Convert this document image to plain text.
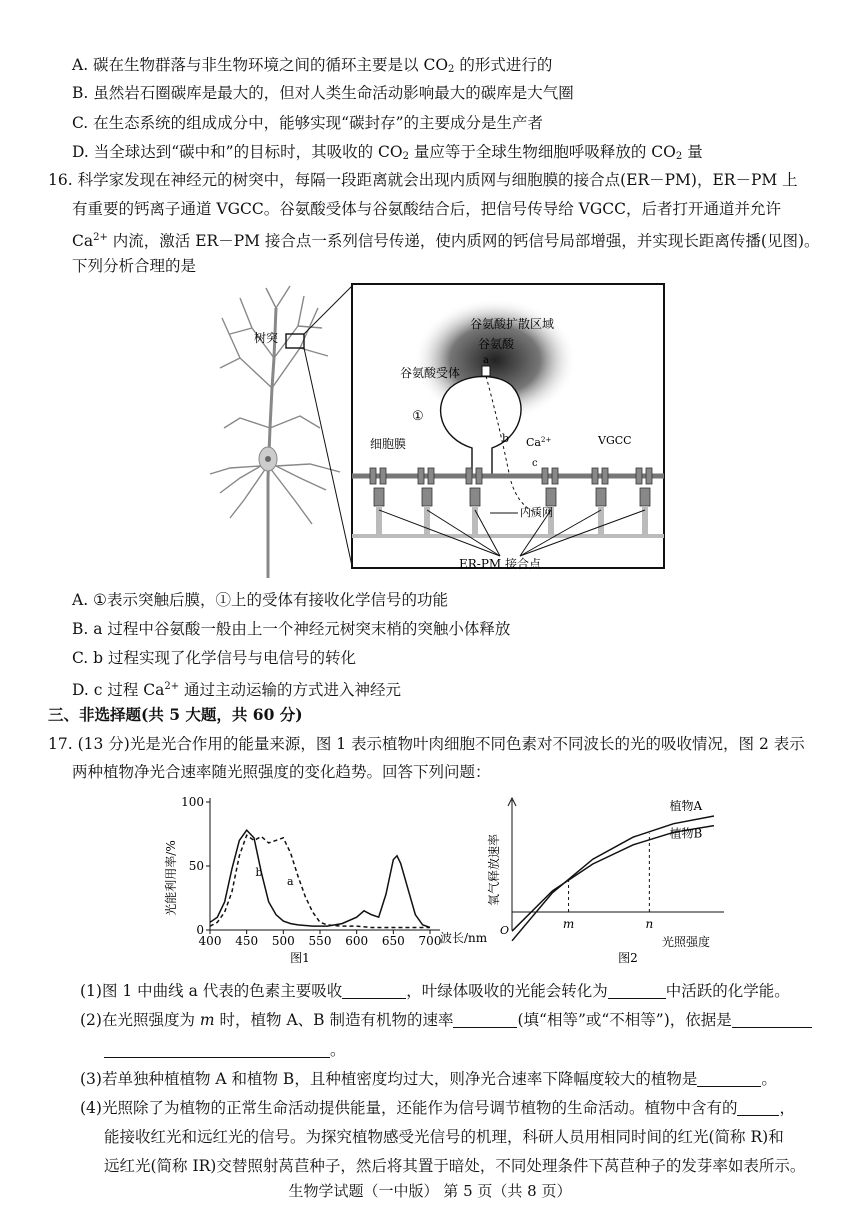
A. 碳在生物群落与非生物环境之间的循环主要是以 $CO_2$ 的形式进行的
B. 虽然岩石圈碳库是最大的，但对人类生命活动影响最大的碳库是大气圈
C. 在生态系统的组成成分中，能够实现“碳封存”的主要成分是生产者
D. 当全球达到“碳中和”的目标时，其吸收的 $CO_2$ 量应等于全球生物细胞呼吸释放的 $CO_2$ 量
16. 科学家发现在神经元的树突中，每隔一段距离就会出现内质网与细胞膜的接合点(ER－PM)，ER－PM 上
有重要的钙离子通道 VGCC。谷氨酸受体与谷氨酸结合后，把信号传导给 VGCC，后者打开通道并允许
$Ca^{2+}$ 内流，激活 ER－PM 接合点一系列信号传递，使内质网的钙信号局部增强，并实现长距离传播(见图)。
下列分析合理的是
树突
谷氨酸扩散区域
谷氨酸
a
谷氨酸受体
①
b $Ca^{2+}$	VGCC
细胞膜
c
内质网
ER-PM 接合点
A. ①表示突触后膜，①上的受体有接收化学信号的功能
B. a 过程中谷氨酸一般由上一个神经元树突末梢的突触小体释放
C. b 过程实现了化学信号与电信号的转化
D. c 过程 $Ca^{2+}$ 通过主动运输的方式进入神经元
三、非选择题(共 5 大题，共 60 分)
17. (13 分)光是光合作用的能量来源，图 1 表示植物叶肉细胞不同色素对不同波长的光的吸收情况，图 2 表示
两种植物净光合速率随光照强度的变化趋势。回答下列问题：
光能利用率/%
波长/nm
图1
400 450 500 550 600 650 700
0
50
100
a
b	氧气释放速率
光照强度
O
图2
植物A
植物B
m	n
(1)图 1 中曲线 a 代表的色素主要吸收	，叶绿体吸收的光能会转化为	中活跃的化学能。
(2)在光照强度为 m 时，植物 A、B 制造有机物的速率	(填“相等”或“不相等”)，依据是
。
(3)若单独种植植物 A 和植物 B，且种植密度均过大，则净光合速率下降幅度较大的植物是	。
(4)光照除了为植物的正常生命活动提供能量，还能作为信号调节植物的生命活动。植物中含有的	，
能接收红光和远红光的信号。为探究植物感受光信号的机理，科研人员用相同时间的红光(简称 R)和
远红光(简称 IR)交替照射莴苣种子，然后将其置于暗处，不同处理条件下莴苣种子的发芽率如表所示。
生物学试题（一中版） 第 5 页（共 8 页）
